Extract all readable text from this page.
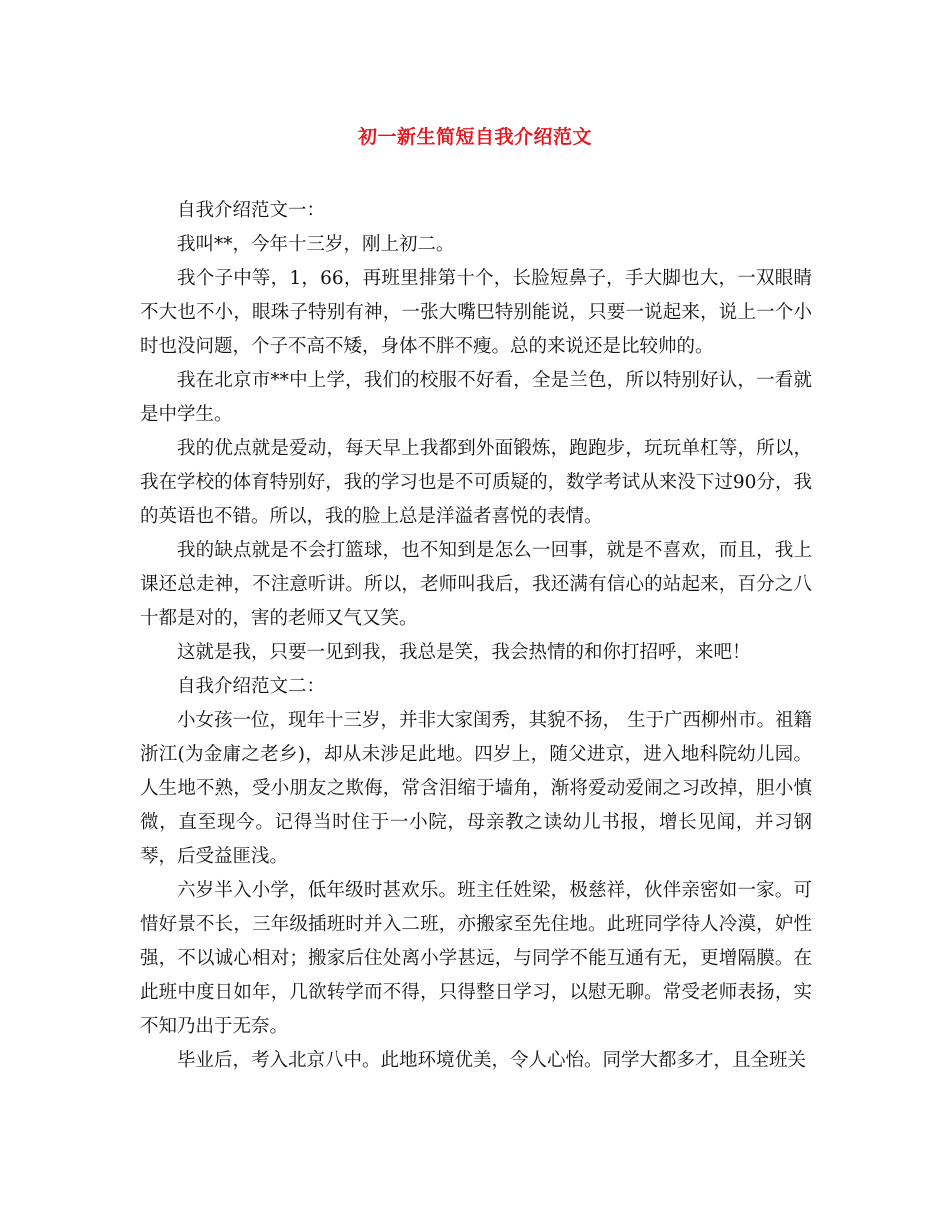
初一新生简短自我介绍范文

自我介绍范文一：

我叫**，今年十三岁，刚上初二。

我个子中等，1，66，再班里排第十个，长脸短鼻子，手大脚也大，一双眼睛不大也不小，眼珠子特别有神，一张大嘴巴特别能说，只要一说起来，说上一个小时也没问题，个子不高不矮，身体不胖不瘦。总的来说还是比较帅的。

我在北京市**中上学，我们的校服不好看，全是兰色，所以特别好认，一看就是中学生。

我的优点就是爱动，每天早上我都到外面锻炼，跑跑步，玩玩单杠等，所以，我在学校的体育特别好，我的学习也是不可质疑的，数学考试从来没下过90分，我的英语也不错。所以，我的脸上总是洋溢者喜悦的表情。

我的缺点就是不会打篮球，也不知到是怎么一回事，就是不喜欢，而且，我上课还总走神，不注意听讲。所以，老师叫我后，我还满有信心的站起来，百分之八十都是对的，害的老师又气又笑。

这就是我，只要一见到我，我总是笑，我会热情的和你打招呼，来吧！

自我介绍范文二：

小女孩一位，现年十三岁，并非大家闺秀，其貌不扬， 生于广西柳州市。祖籍浙江(为金庸之老乡)，却从未涉足此地。四岁上，随父进京，进入地科院幼儿园。人生地不熟，受小朋友之欺侮，常含泪缩于墙角，渐将爱动爱闹之习改掉，胆小慎微，直至现今。记得当时住于一小院，母亲教之读幼儿书报，增长见闻，并习钢琴，后受益匪浅。

六岁半入小学，低年级时甚欢乐。班主任姓梁，极慈祥，伙伴亲密如一家。可惜好景不长，三年级插班时并入二班，亦搬家至先住地。此班同学待人冷漠，妒性强，不以诚心相对；搬家后住处离小学甚远，与同学不能互通有无，更增隔膜。在此班中度日如年，几欲转学而不得，只得整日学习，以慰无聊。常受老师表扬，实不知乃出于无奈。

毕业后，考入北京八中。此地环境优美，令人心怡。同学大都多才，且全班关
